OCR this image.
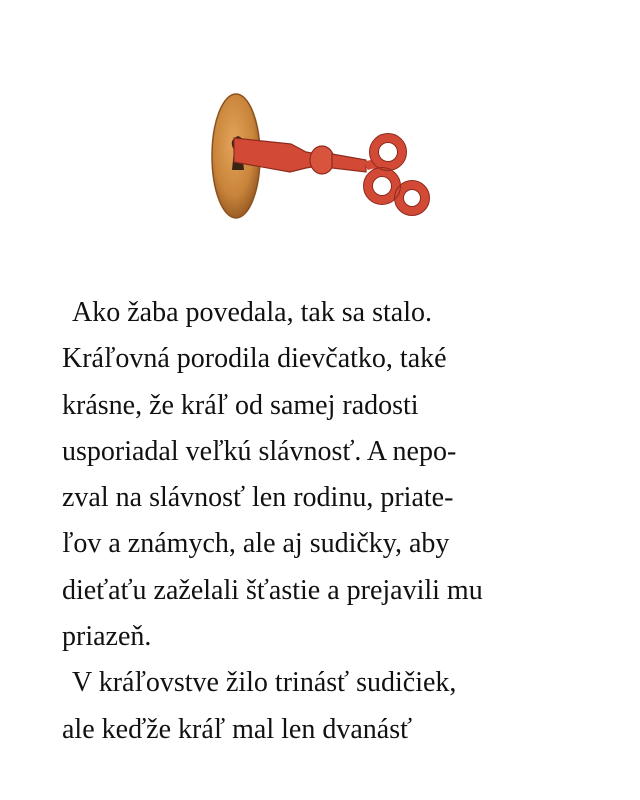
Ako žaba povedala, tak sa stalo.
Kráľovná porodila dievčatko, také
krásne, že kráľ od samej radosti
usporiadal veľkú slávnosť. A nepo-
zval na slávnosť len rodinu, priate-
ľov a známych, ale aj sudičky, aby
dieťaťu zaželali šťastie a prejavili mu
priazeň.
V kráľovstve žilo trinásť sudičiek,
ale keďže kráľ mal len dvanásť
